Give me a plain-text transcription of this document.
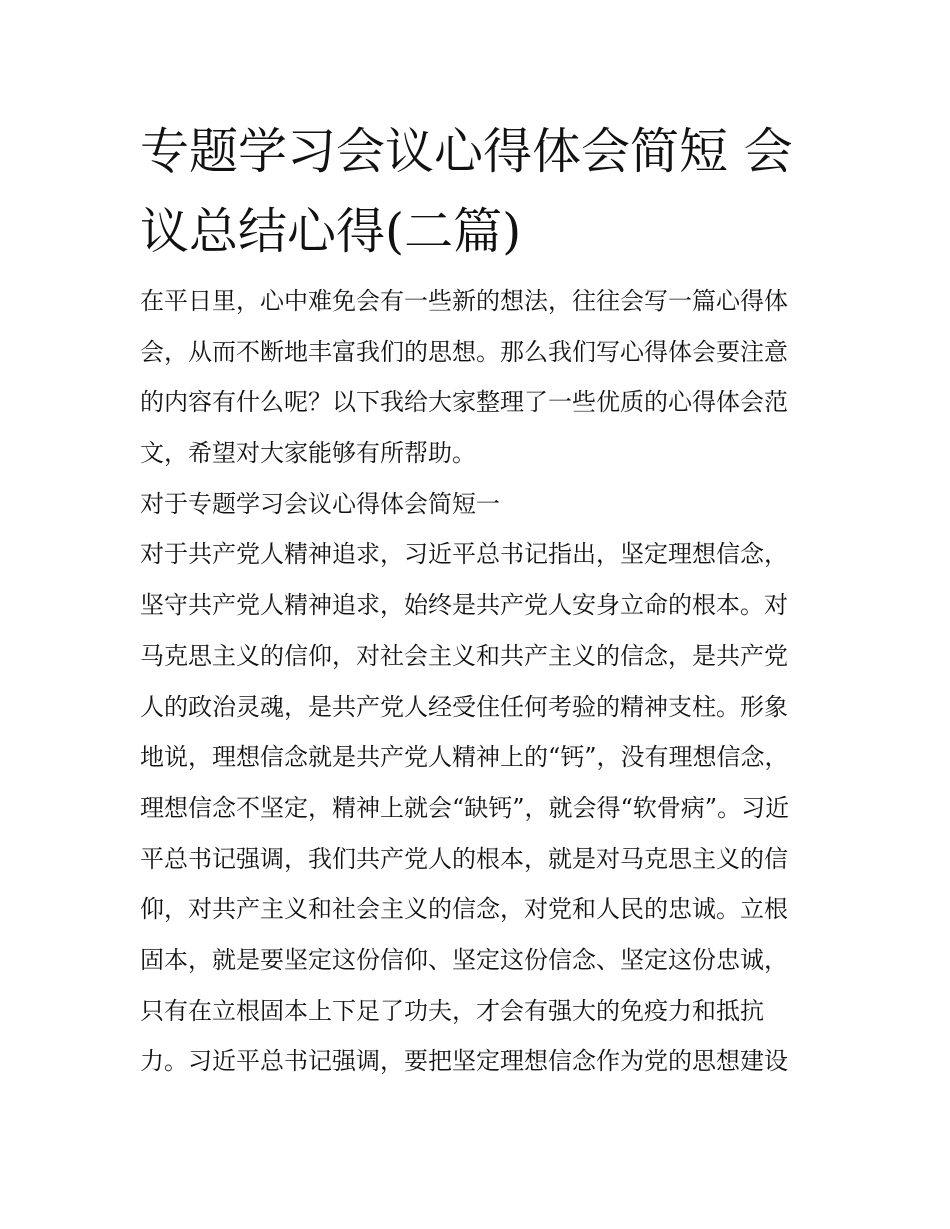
专题学习会议心得体会简短 会
议总结心得(二篇)
在平日里，心中难免会有一些新的想法，往往会写一篇心得体
会，从而不断地丰富我们的思想。那么我们写心得体会要注意
的内容有什么呢？以下我给大家整理了一些优质的心得体会范
文，希望对大家能够有所帮助。
对于专题学习会议心得体会简短一
对于共产党人精神追求，习近平总书记指出，坚定理想信念，
坚守共产党人精神追求，始终是共产党人安身立命的根本。对
马克思主义的信仰，对社会主义和共产主义的信念，是共产党
人的政治灵魂，是共产党人经受住任何考验的精神支柱。形象
地说，理想信念就是共产党人精神上的“钙”，没有理想信念，
理想信念不坚定，精神上就会“缺钙”，就会得“软骨病”。习近
平总书记强调，我们共产党人的根本，就是对马克思主义的信
仰，对共产主义和社会主义的信念，对党和人民的忠诚。立根
固本，就是要坚定这份信仰、坚定这份信念、坚定这份忠诚，
只有在立根固本上下足了功夫，才会有强大的免疫力和抵抗
力。习近平总书记强调，要把坚定理想信念作为党的思想建设
